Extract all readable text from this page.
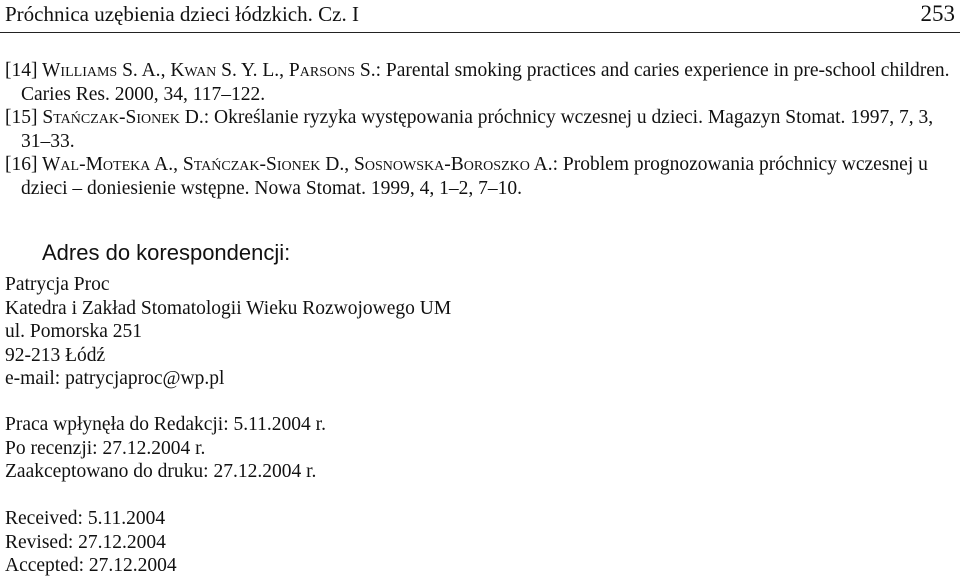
Próchnica uzębienia dzieci łódzkich. Cz. I	253
[14] Williams S. A., Kwan S. Y. L., Parsons S.: Parental smoking practices and caries experience in pre-school children. Caries Res. 2000, 34, 117–122.
[15] Stańczak-Sionek D.: Określanie ryzyka występowania próchnicy wczesnej u dzieci. Magazyn Stomat. 1997, 7, 3, 31–33.
[16] Wal-Moteka A., Stańczak-Sionek D., Sosnowska-Boroszko A.: Problem prognozowania próchnicy wczesnej u dzieci – doniesienie wstępne. Nowa Stomat. 1999, 4, 1–2, 7–10.
Adres do korespondencji:
Patrycja Proc
Katedra i Zakład Stomatologii Wieku Rozwojowego UM
ul. Pomorska 251
92-213 Łódź
e-mail: patrycjaproc@wp.pl
Praca wpłynęła do Redakcji: 5.11.2004 r.
Po recenzji: 27.12.2004 r.
Zaakceptowano do druku: 27.12.2004 r.
Received: 5.11.2004
Revised: 27.12.2004
Accepted: 27.12.2004
